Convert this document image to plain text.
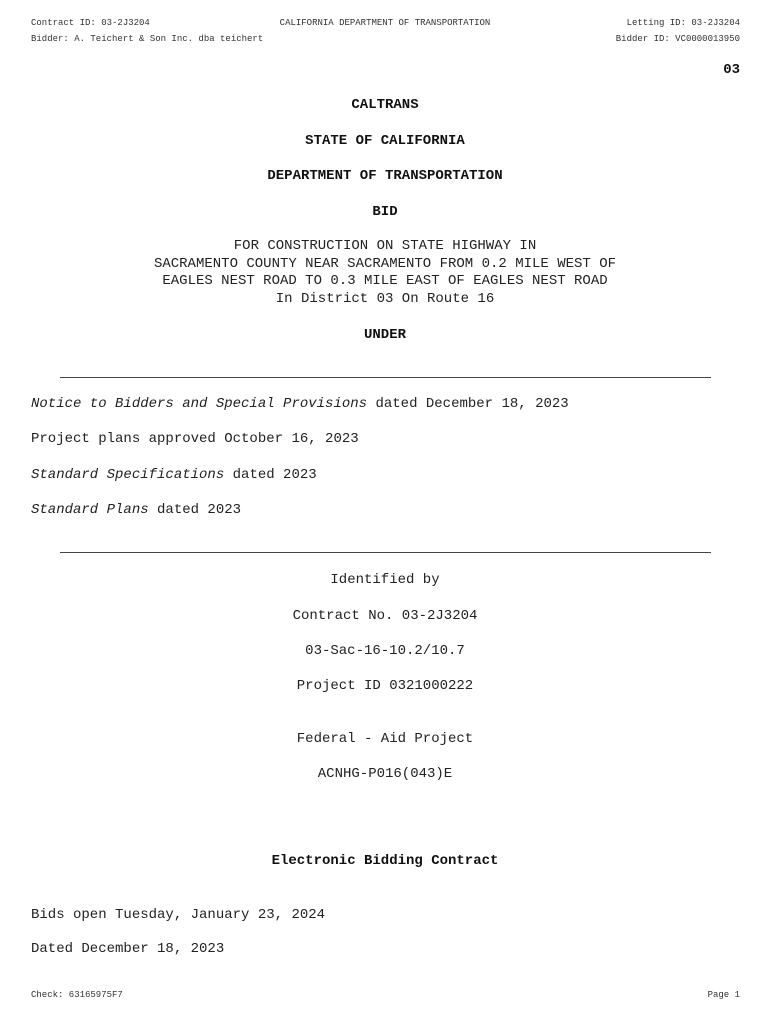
Contract ID: 03-2J3204	CALIFORNIA DEPARTMENT OF TRANSPORTATION	Letting ID: 03-2J3204
Bidder: A. Teichert & Son Inc. dba teichert	Bidder ID: VC0000013950
03
CALTRANS
STATE OF CALIFORNIA
DEPARTMENT OF TRANSPORTATION
BID
FOR CONSTRUCTION ON STATE HIGHWAY IN
SACRAMENTO COUNTY NEAR SACRAMENTO FROM 0.2 MILE WEST OF
EAGLES NEST ROAD TO 0.3 MILE EAST OF EAGLES NEST ROAD
In District 03 On Route 16
UNDER
Notice to Bidders and Special Provisions dated December 18, 2023
Project plans approved October 16, 2023
Standard Specifications dated 2023
Standard Plans dated 2023
Identified by
Contract No. 03-2J3204
03-Sac-16-10.2/10.7
Project ID 0321000222
Federal - Aid Project
ACNHG-P016(043)E
Electronic Bidding Contract
Bids open Tuesday, January 23, 2024
Dated December 18, 2023
Check: 63165975F7	Page 1
